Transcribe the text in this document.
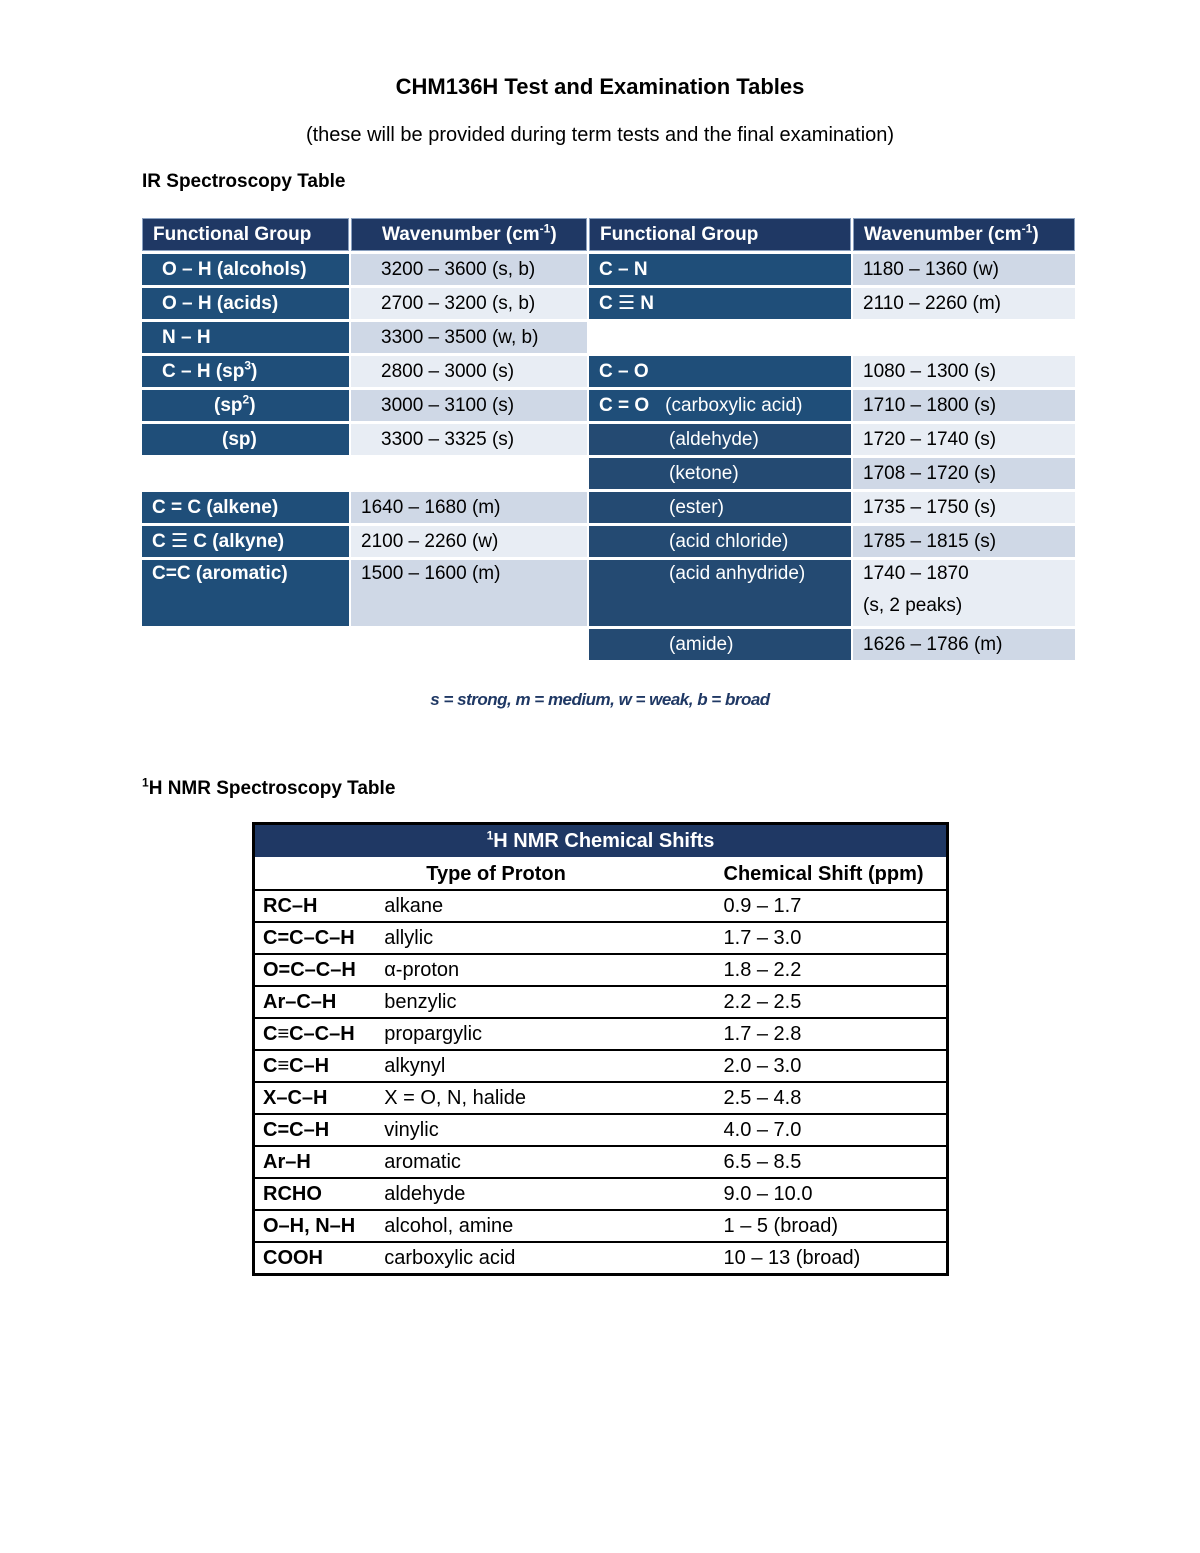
CHM136H Test and Examination Tables
(these will be provided during term tests and the final examination)
IR Spectroscopy Table
Functional Group	Wavenumber $(cm^{-1})$	Functional Group	Wavenumber $(cm^{-1})$
O – H (alcohols)	3200 – 3600 (s, b)	C – N	1180 – 1360 (w)
O – H (acids)	2700 – 3200 (s, b)	C ☰ N	2110 – 2260 (m)
N – H	3300 – 3500 (w, b)		
C – H $(sp^3)$	2800 – 3000 (s)	C – O	1080 – 1300 (s)
$(sp^2)$	3000 – 3100 (s)	C = O (carboxylic acid)	1710 – 1800 (s)
(sp)	3300 – 3325 (s)	(aldehyde)	1720 – 1740 (s)
		(ketone)	1708 – 1720 (s)
C = C (alkene)	1640 – 1680 (m)	(ester)	1735 – 1750 (s)
C ☰ C (alkyne)	2100 – 2260 (w)	(acid chloride)	1785 – 1815 (s)
C=C (aromatic)	1500 – 1600 (m)	(acid anhydride)	1740 – 1870
(s, 2 peaks)

		(amide)	1626 – 1786 (m)
s = strong, m = medium, w = weak, b = broad
$^1$H NMR Spectroscopy Table
$^1$H NMR Chemical Shifts		
	Type of Proton	Chemical Shift (ppm)
RC–H	alkane	0.9 – 1.7
C=C–C–H	allylic	1.7 – 3.0
O=C–C–H	α-proton	1.8 – 2.2
Ar–C–H	benzylic	2.2 – 2.5
C≡C–C–H	propargylic	1.7 – 2.8
C≡C–H	alkynyl	2.0 – 3.0
X–C–H	X = O, N, halide	2.5 – 4.8
C=C–H	vinylic	4.0 – 7.0
Ar–H	aromatic	6.5 – 8.5
RCHO	aldehyde	9.0 – 10.0
O–H, N–H	alcohol, amine	1 – 5 (broad)
COOH	carboxylic acid	10 – 13 (broad)
